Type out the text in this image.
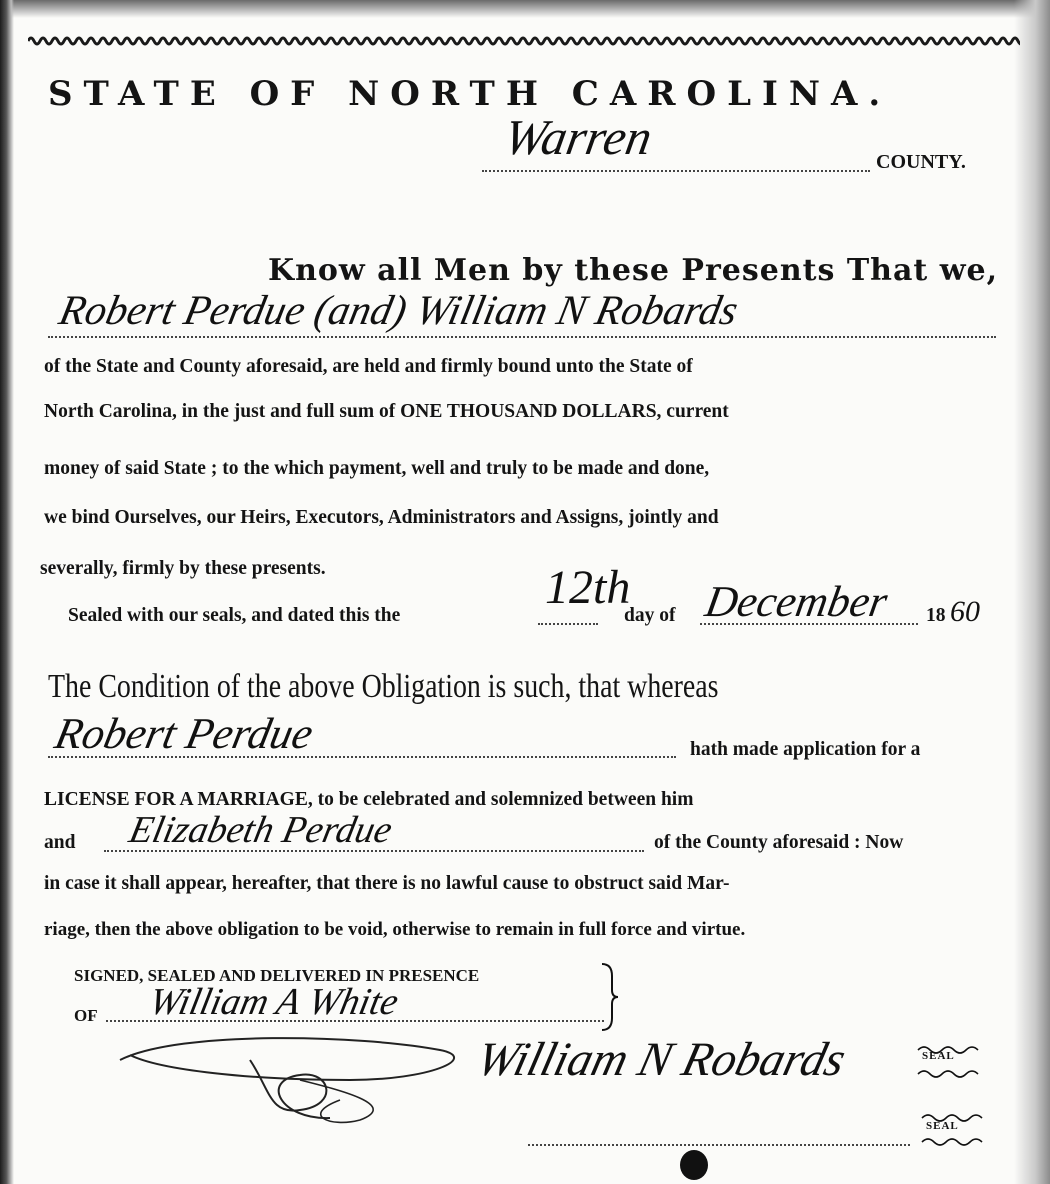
STATE OF NORTH CAROLINA.
Warren	COUNTY.
Know all Men by these Presents That we,
Robert Perdue (and) William N Robards
of the State and County aforesaid, are held and firmly bound unto the State of
North Carolina, in the just and full sum of ONE THOUSAND DOLLARS, current
money of said State ; to the which payment, well and truly to be made and done,
we bind Ourselves, our Heirs, Executors, Administrators and Assigns, jointly and
severally, firmly by these presents.
Sealed with our seals, and dated this the
12th
day of December 18 60
The Condition of the above Obligation is such, that whereas
Robert Perdue	hath made application for a
LICENSE FOR A MARRIAGE, to be celebrated and solemnized between him
and Elizabeth Perdue	of the County aforesaid : Now
in case it shall appear, hereafter, that there is no lawful cause to obstruct said Mar-
riage, then the above obligation to be void, otherwise to remain in full force and virtue.
SIGNED, SEALED AND DELIVERED IN PRESENCE
OF William A White
William N Robards	SEAL
SEAL
